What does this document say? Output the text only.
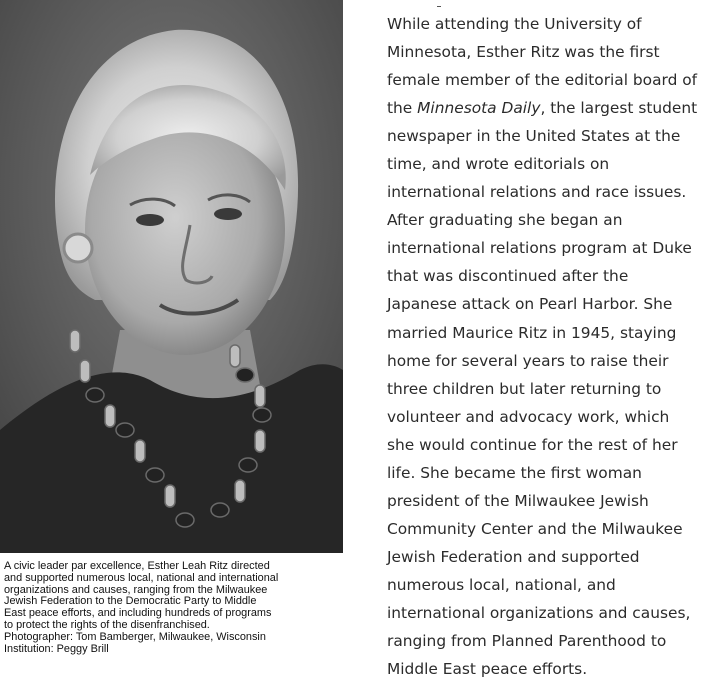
A civic leader par excellence, Esther Leah Ritz directed
and supported numerous local, national and international
organizations and causes, ranging from the Milwaukee
Jewish Federation to the Democratic Party to Middle
East peace efforts, and including hundreds of programs
to protect the rights of the disenfranchised.
Photographer: Tom Bamberger, Milwaukee, Wisconsin
Institution: Peggy Brill
While attending the University of
Minnesota, Esther Ritz was the first
female member of the editorial board of
the Minnesota Daily, the largest student
newspaper in the United States at the
time, and wrote editorials on
international relations and race issues.
After graduating she began an
international relations program at Duke
that was discontinued after the
Japanese attack on Pearl Harbor. She
married Maurice Ritz in 1945, staying
home for several years to raise their
three children but later returning to
volunteer and advocacy work, which
she would continue for the rest of her
life. She became the first woman
president of the Milwaukee Jewish
Community Center and the Milwaukee
Jewish Federation and supported
numerous local, national, and
international organizations and causes,
ranging from Planned Parenthood to
Middle East peace efforts.
